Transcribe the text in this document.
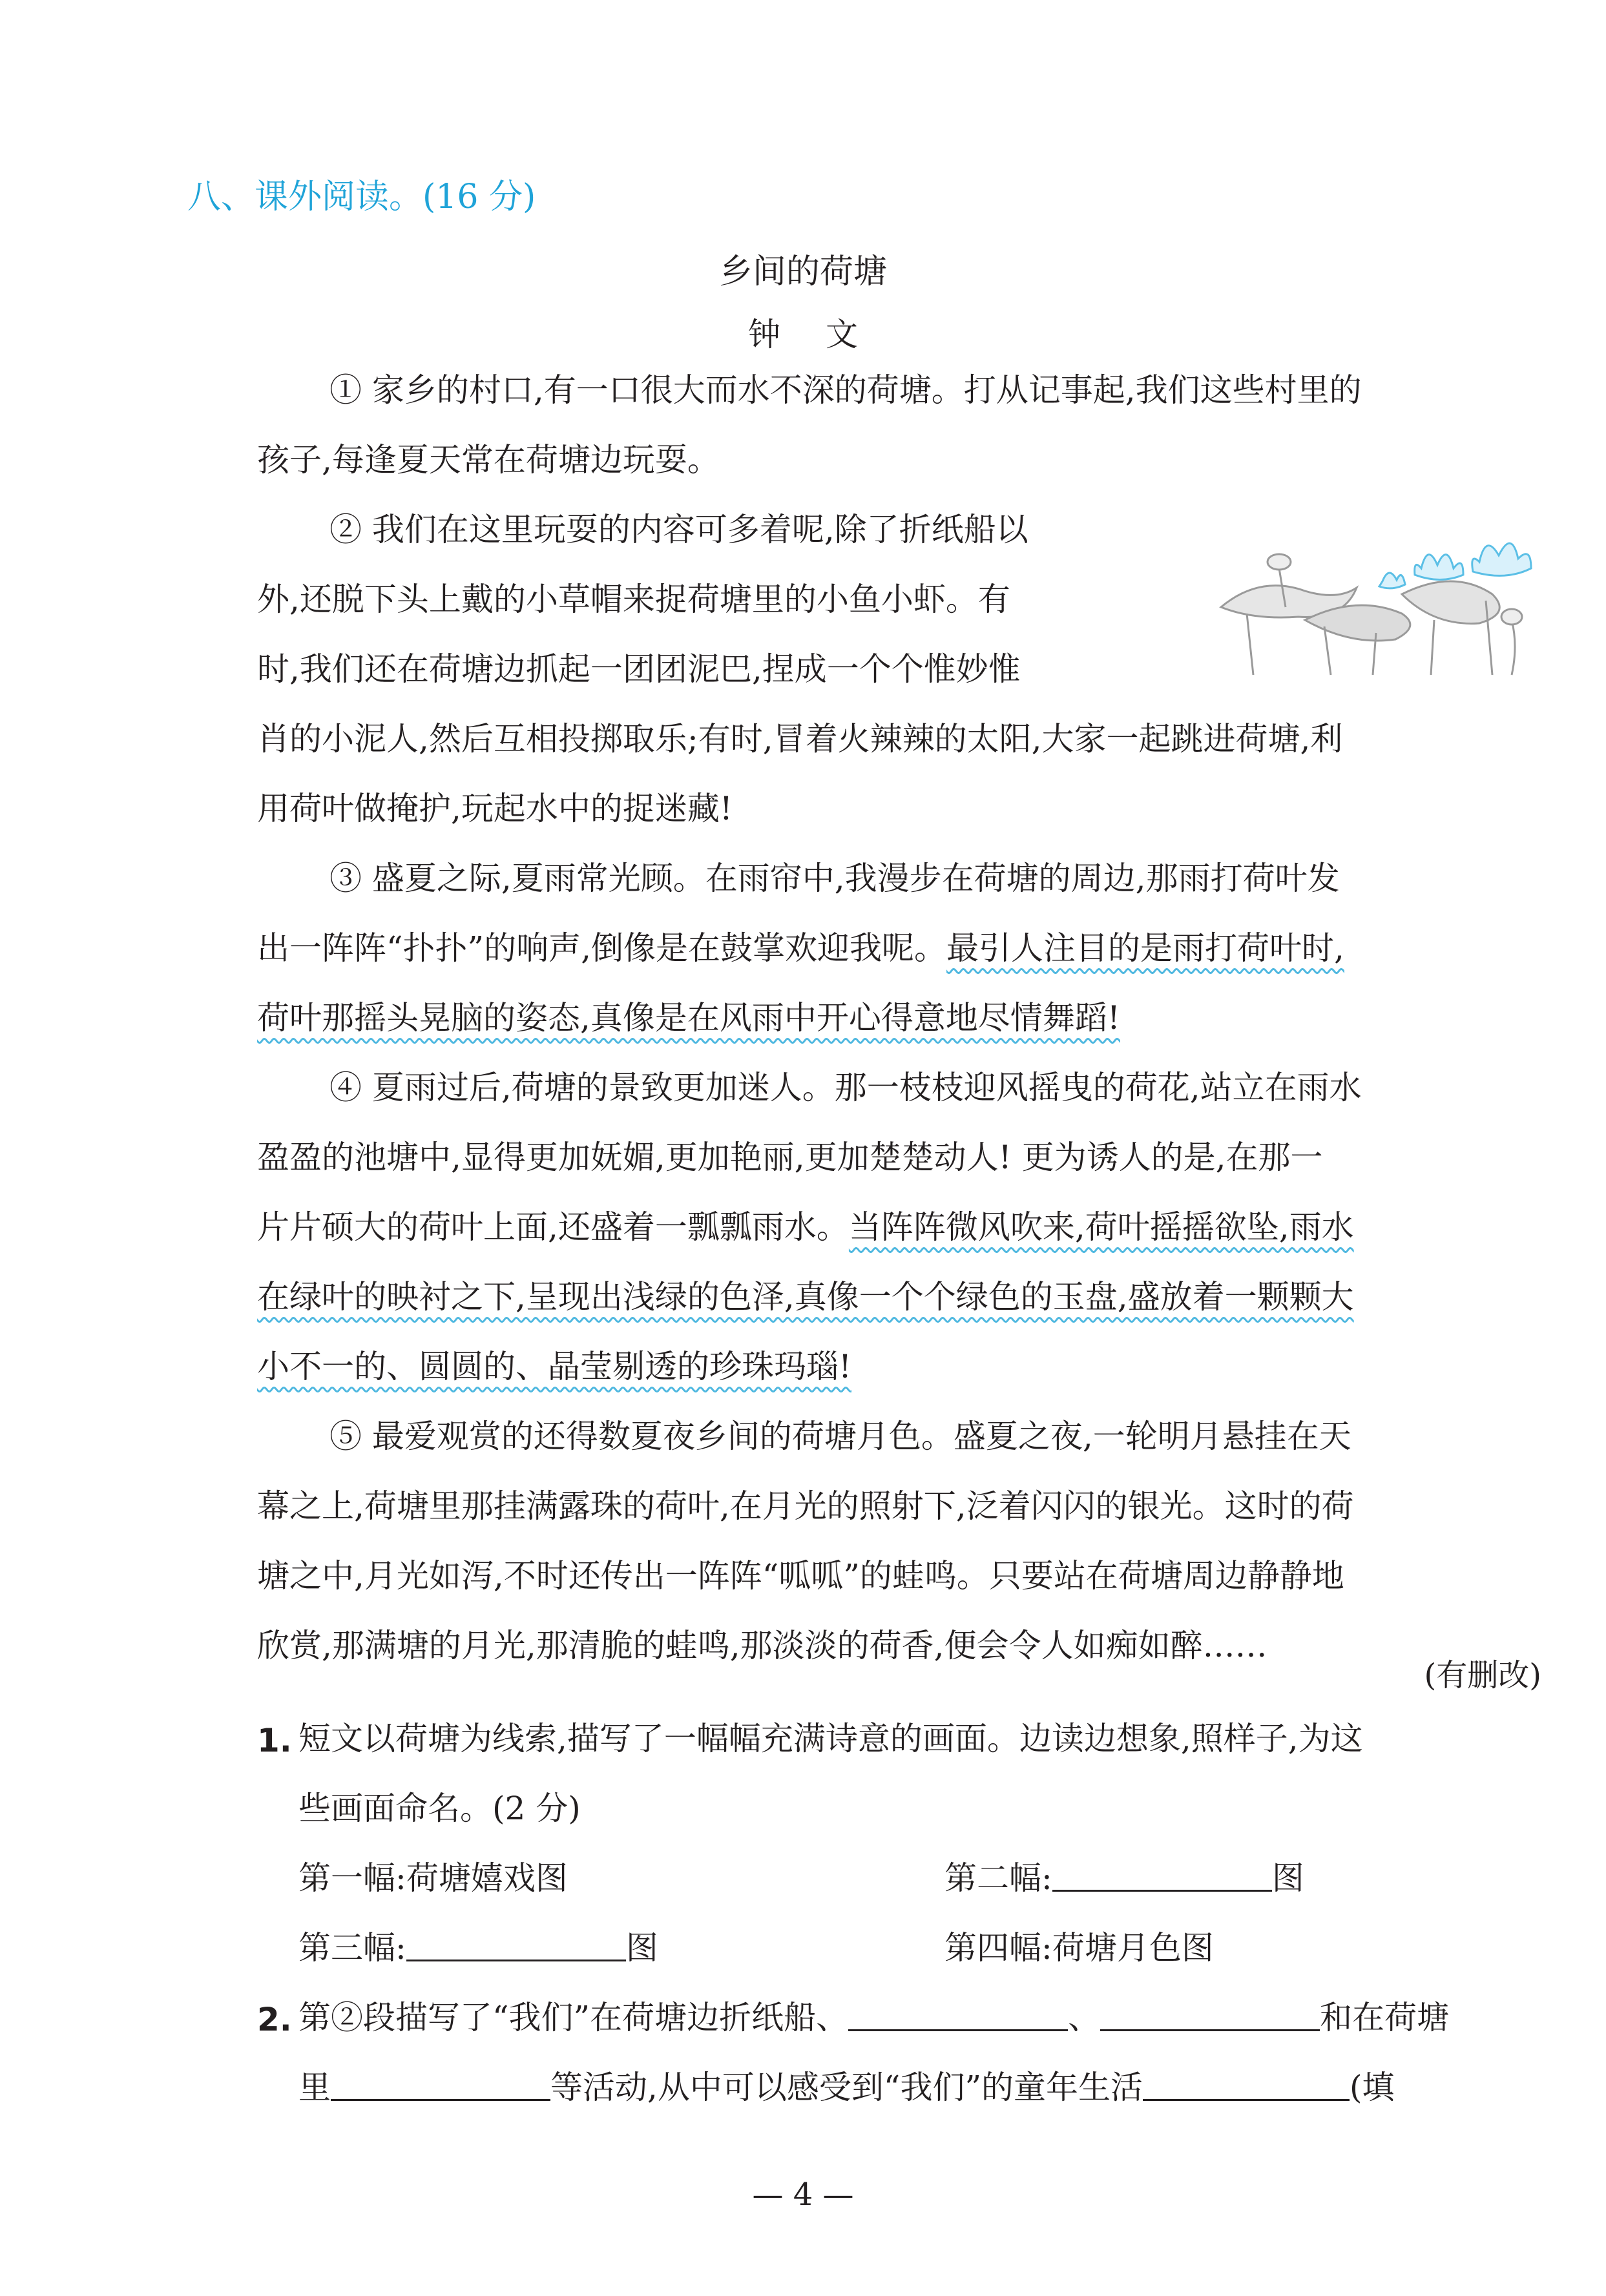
八、课外阅读。(16 分)
乡间的荷塘
钟文
① 家乡的村口,有一口很大而水不深的荷塘。打从记事起,我们这些村里的
孩子,每逢夏天常在荷塘边玩耍。
② 我们在这里玩耍的内容可多着呢,除了折纸船以
外,还脱下头上戴的小草帽来捉荷塘里的小鱼小虾。有
时,我们还在荷塘边抓起一团团泥巴,捏成一个个惟妙惟
肖的小泥人,然后互相投掷取乐;有时,冒着火辣辣的太阳,大家一起跳进荷塘,利
用荷叶做掩护,玩起水中的捉迷藏!
③ 盛夏之际,夏雨常光顾。在雨帘中,我漫步在荷塘的周边,那雨打荷叶发
出一阵阵“扑扑”的响声,倒像是在鼓掌欢迎我呢。最引人注目的是雨打荷叶时,
荷叶那摇头晃脑的姿态,真像是在风雨中开心得意地尽情舞蹈!
④ 夏雨过后,荷塘的景致更加迷人。那一枝枝迎风摇曳的荷花,站立在雨水
盈盈的池塘中,显得更加妩媚,更加艳丽,更加楚楚动人! 更为诱人的是,在那一
片片硕大的荷叶上面,还盛着一瓢瓢雨水。当阵阵微风吹来,荷叶摇摇欲坠,雨水
在绿叶的映衬之下,呈现出浅绿的色泽,真像一个个绿色的玉盘,盛放着一颗颗大
小不一的、圆圆的、晶莹剔透的珍珠玛瑙!
⑤ 最爱观赏的还得数夏夜乡间的荷塘月色。盛夏之夜,一轮明月悬挂在天
幕之上,荷塘里那挂满露珠的荷叶,在月光的照射下,泛着闪闪的银光。这时的荷
塘之中,月光如泻,不时还传出一阵阵“呱呱”的蛙鸣。只要站在荷塘周边静静地
欣赏,那满塘的月光,那清脆的蛙鸣,那淡淡的荷香,便会令人如痴如醉……
(有删改)
1. 短文以荷塘为线索,描写了一幅幅充满诗意的画面。边读边想象,照样子,为这
些画面命名。(2 分)
第一幅:荷塘嬉戏图	第二幅:	图
第三幅:	图	第四幅:荷塘月色图
2. 第②段描写了“我们”在荷塘边折纸船、	、	和在荷塘
里	等活动,从中可以感受到“我们”的童年生活	(填
— 4 —
